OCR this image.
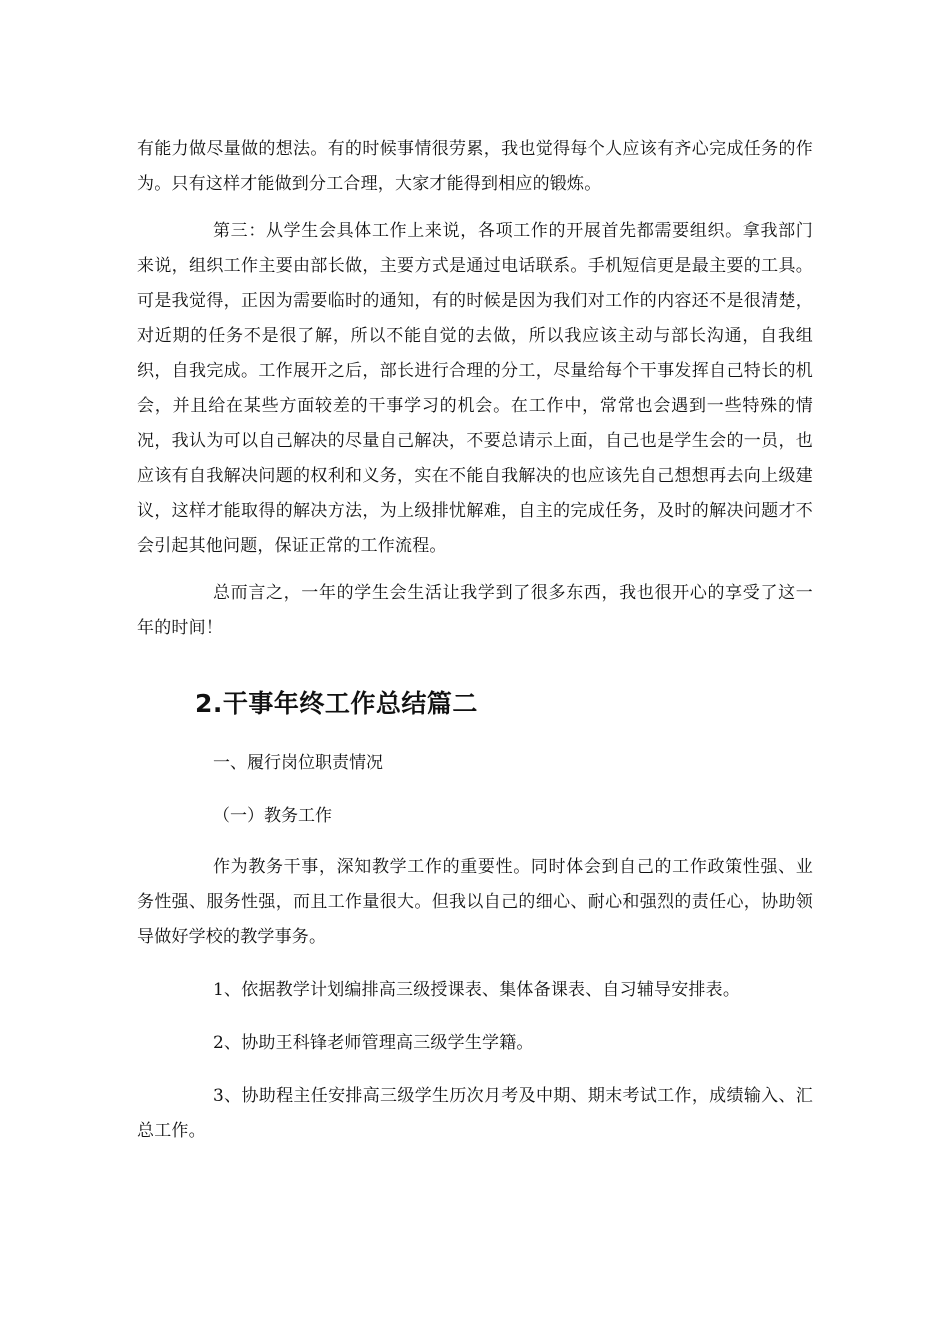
有能力做尽量做的想法。有的时候事情很劳累，我也觉得每个人应该有齐心完成任务的作为。只有这样才能做到分工合理，大家才能得到相应的锻炼。

第三：从学生会具体工作上来说，各项工作的开展首先都需要组织。拿我部门来说，组织工作主要由部长做，主要方式是通过电话联系。手机短信更是最主要的工具。可是我觉得，正因为需要临时的通知，有的时候是因为我们对工作的内容还不是很清楚，对近期的任务不是很了解，所以不能自觉的去做，所以我应该主动与部长沟通，自我组织，自我完成。工作展开之后，部长进行合理的分工，尽量给每个干事发挥自己特长的机会，并且给在某些方面较差的干事学习的机会。在工作中，常常也会遇到一些特殊的情况，我认为可以自己解决的尽量自己解决，不要总请示上面，自己也是学生会的一员，也应该有自我解决问题的权利和义务，实在不能自我解决的也应该先自己想想再去向上级建议，这样才能取得的解决方法，为上级排忧解难，自主的完成任务，及时的解决问题才不会引起其他问题，保证正常的工作流程。

总而言之，一年的学生会生活让我学到了很多东西，我也很开心的享受了这一年的时间！

2.干事年终工作总结篇二

一、履行岗位职责情况

（一）教务工作

作为教务干事，深知教学工作的重要性。同时体会到自己的工作政策性强、业务性强、服务性强，而且工作量很大。但我以自己的细心、耐心和强烈的责任心，协助领导做好学校的教学事务。

1、依据教学计划编排高三级授课表、集体备课表、自习辅导安排表。

2、协助王科锋老师管理高三级学生学籍。

3、协助程主任安排高三级学生历次月考及中期、期末考试工作，成绩输入、汇总工作。
